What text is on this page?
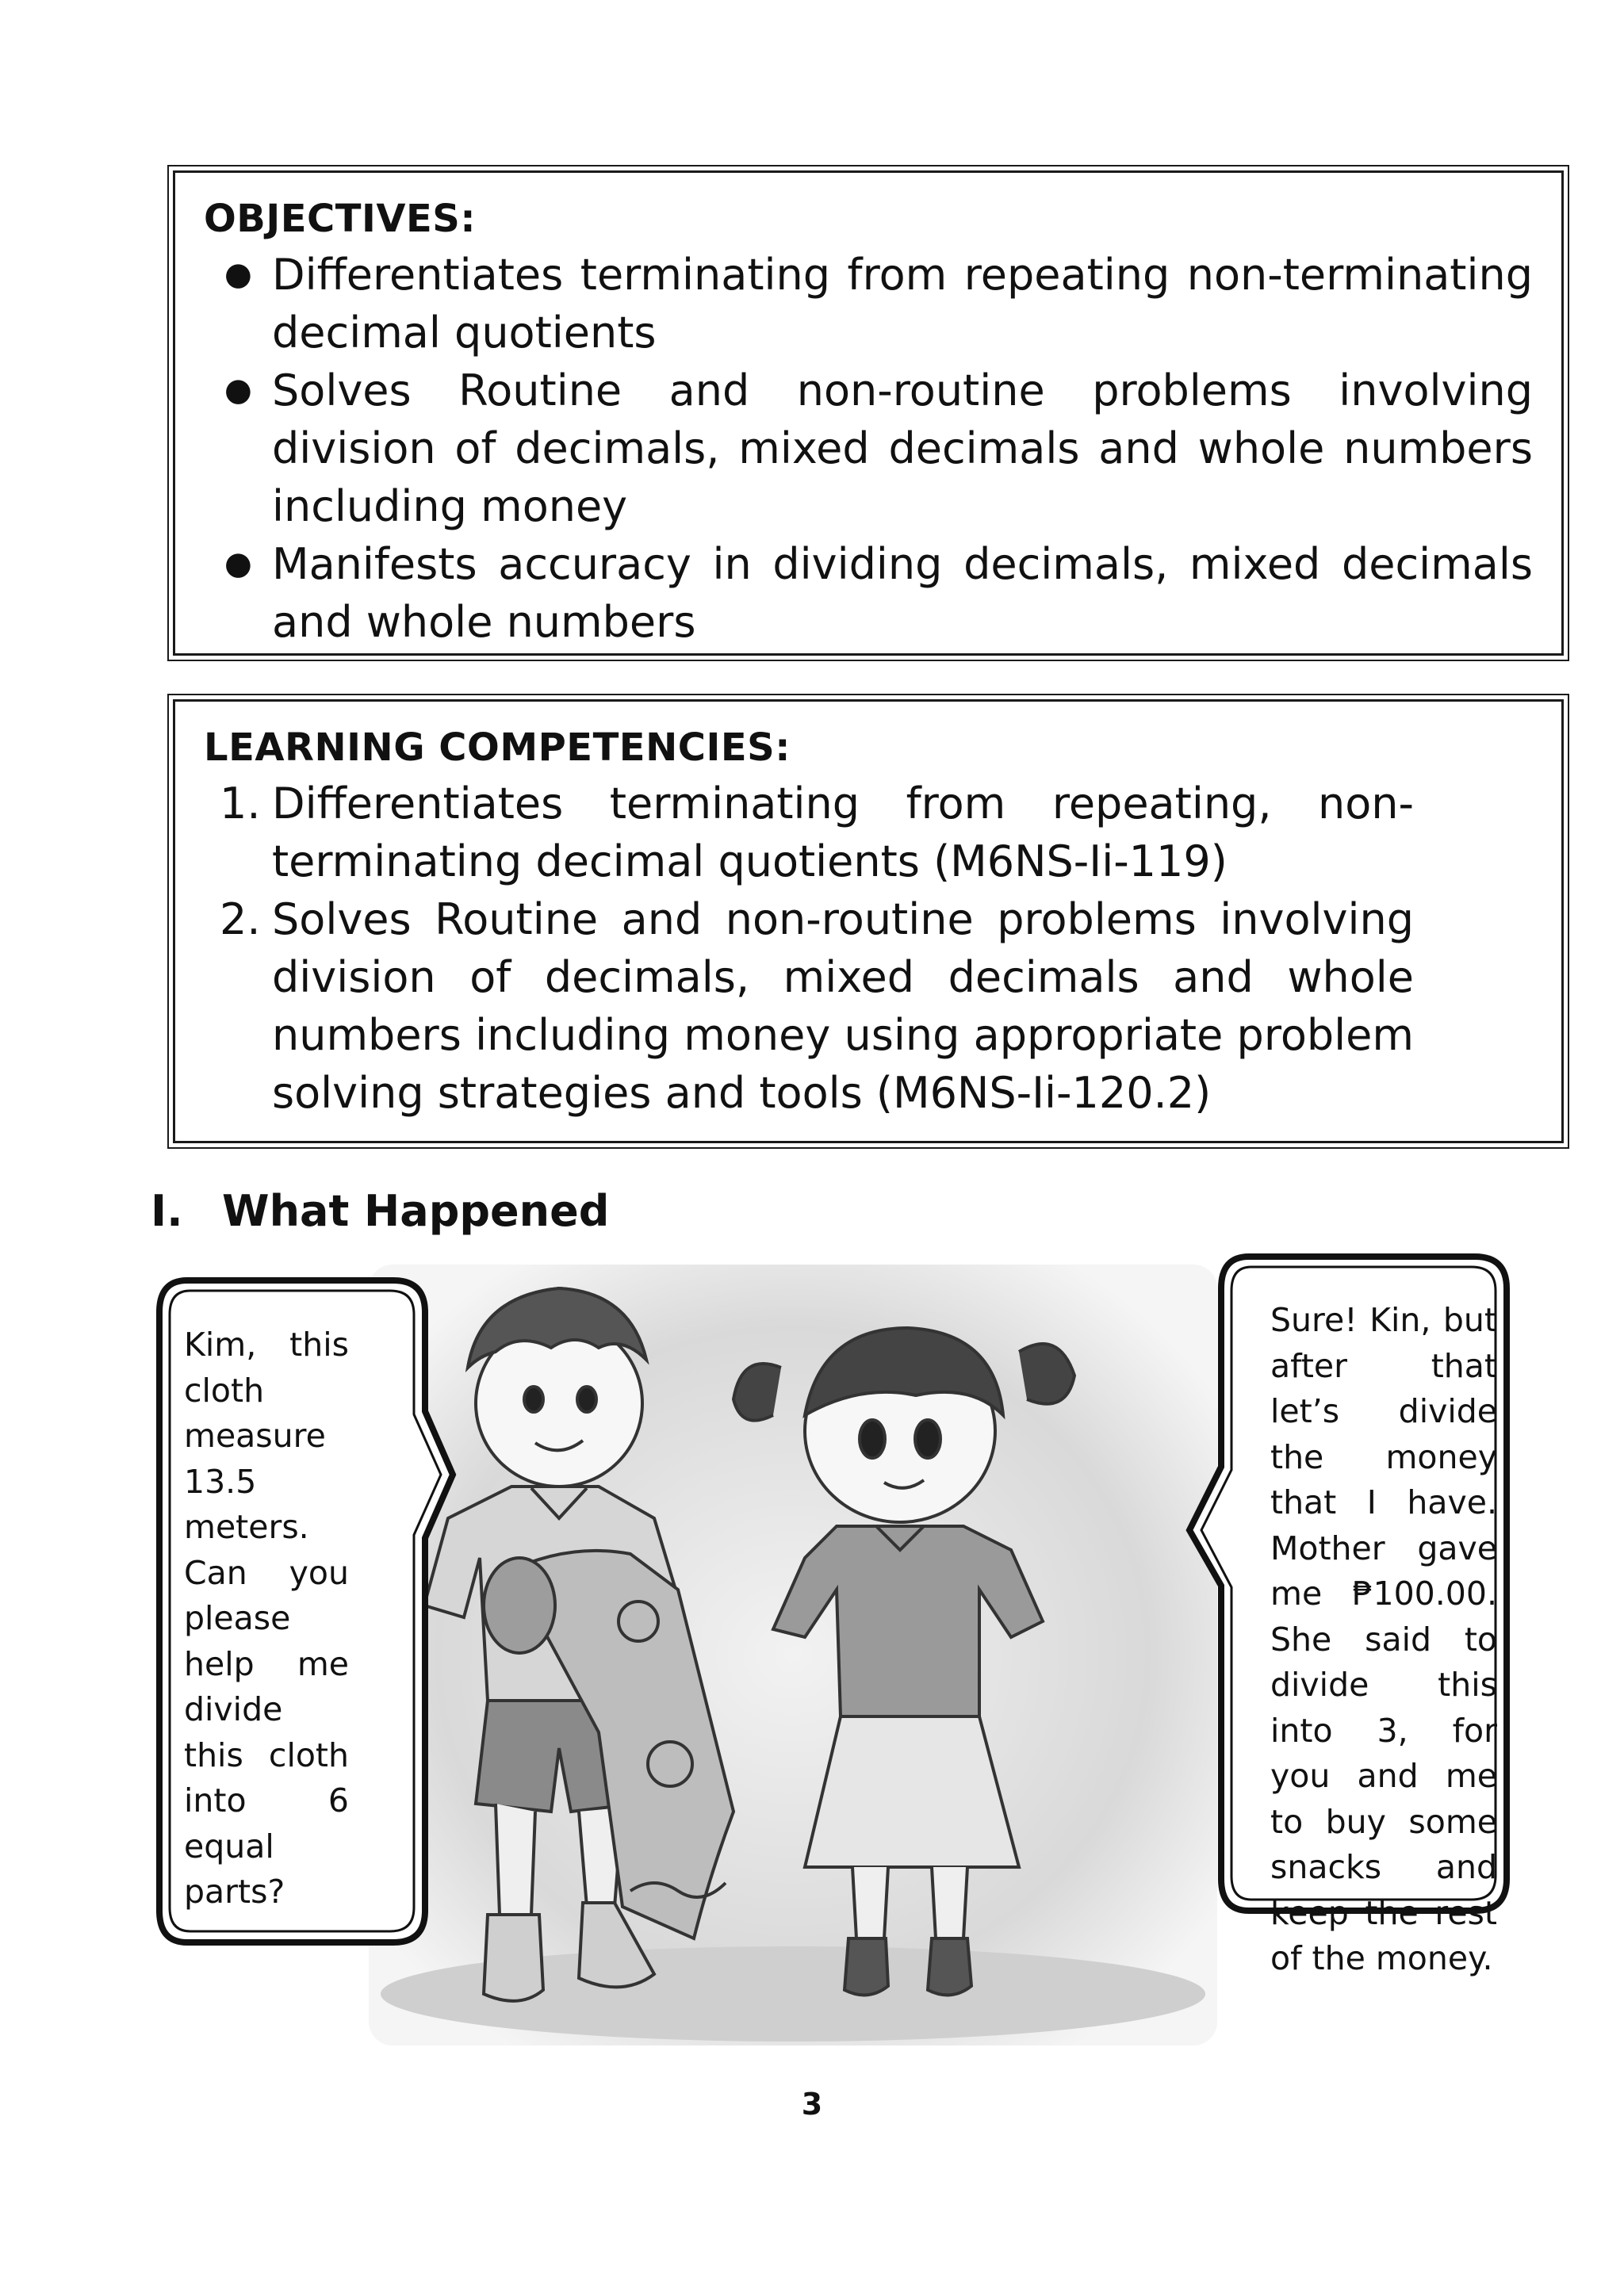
OBJECTIVES:
● Differentiates terminating from repeating non-terminating decimal quotients
● Solves Routine and non-routine problems involving division of decimals, mixed decimals and whole numbers including money
● Manifests accuracy in dividing decimals, mixed decimals and whole numbers
LEARNING COMPETENCIES:
1. Differentiates terminating from repeating, non-terminating decimal quotients (M6NS-Ii-119)
2. Solves Routine and non-routine problems involving division of decimals, mixed decimals and whole numbers including money using appropriate problem solving strategies and tools (M6NS-Ii-120.2)
I. What Happened
Kim, this cloth measure 13.5 meters. Can you please help me divide this cloth into 6 equal parts?
Sure! Kin, but after that let’s divide the money that I have. Mother gave me ₱100.00. She said to divide this into 3, for you and me to buy some snacks and keep the rest of the money.
3
